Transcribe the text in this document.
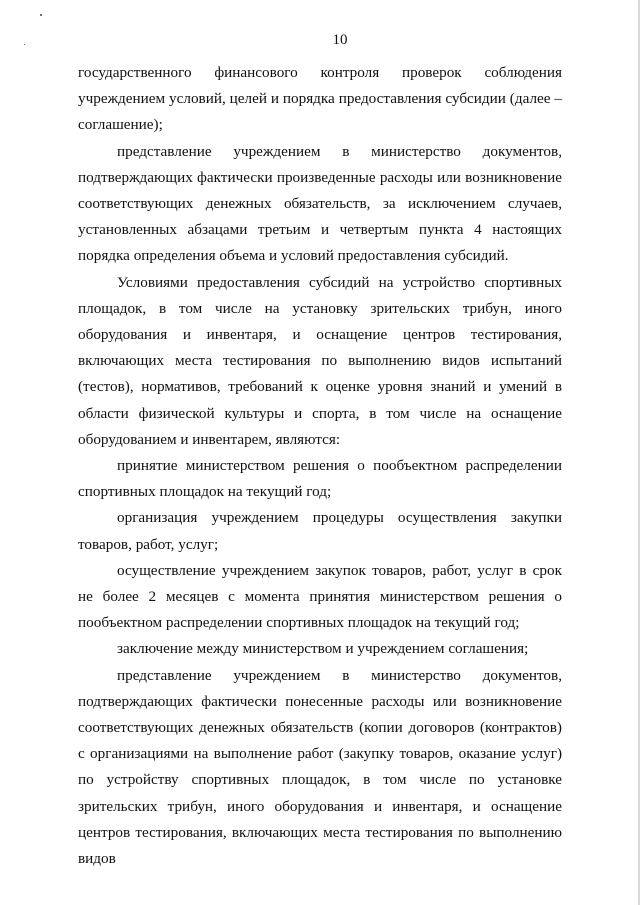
10

государственного финансового контроля проверок соблюдения учреждением условий, целей и порядка предоставления субсидии (далее – соглашение);

представление учреждением в министерство документов, подтверждающих фактически произведенные расходы или возникновение соответствующих денежных обязательств, за исключением случаев, установленных абзацами третьим и четвертым пункта 4 настоящих порядка определения объема и условий предоставления субсидий.

Условиями предоставления субсидий на устройство спортивных площадок, в том числе на установку зрительских трибун, иного оборудования и инвентаря, и оснащение центров тестирования, включающих места тестирования по выполнению видов испытаний (тестов), нормативов, требований к оценке уровня знаний и умений в области физической культуры и спорта, в том числе на оснащение оборудованием и инвентарем, являются:

принятие министерством решения о пообъектном распределении спортивных площадок на текущий год;

организация учреждением процедуры осуществления закупки товаров, работ, услуг;

осуществление учреждением закупок товаров, работ, услуг в срок не более 2 месяцев с момента принятия министерством решения о пообъектном распределении спортивных площадок на текущий год;

заключение между министерством и учреждением соглашения;

представление учреждением в министерство документов, подтверждающих фактически понесенные расходы или возникновение соответствующих денежных обязательств (копии договоров (контрактов) с организациями на выполнение работ (закупку товаров, оказание услуг) по устройству спортивных площадок, в том числе по установке зрительских трибун, иного оборудования и инвентаря, и оснащение центров тестирования, включающих места тестирования по выполнению видов
